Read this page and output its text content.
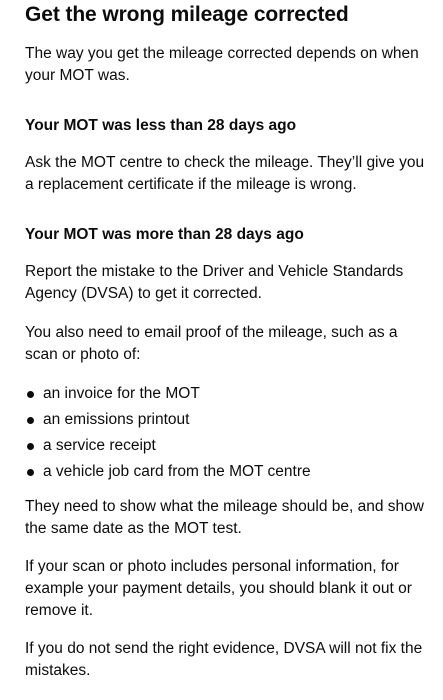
Get the wrong mileage corrected

The way you get the mileage corrected depends on when your MOT was.

Your MOT was less than 28 days ago

Ask the MOT centre to check the mileage. They’ll give you a replacement certificate if the mileage is wrong.

Your MOT was more than 28 days ago

Report the mistake to the Driver and Vehicle Standards Agency (DVSA) to get it corrected.

You also need to email proof of the mileage, such as a scan or photo of:

an invoice for the MOT
an emissions printout
a service receipt
a vehicle job card from the MOT centre

They need to show what the mileage should be, and show the same date as the MOT test.

If your scan or photo includes personal information, for example your payment details, you should blank it out or remove it.

If you do not send the right evidence, DVSA will not fix the mistakes.
